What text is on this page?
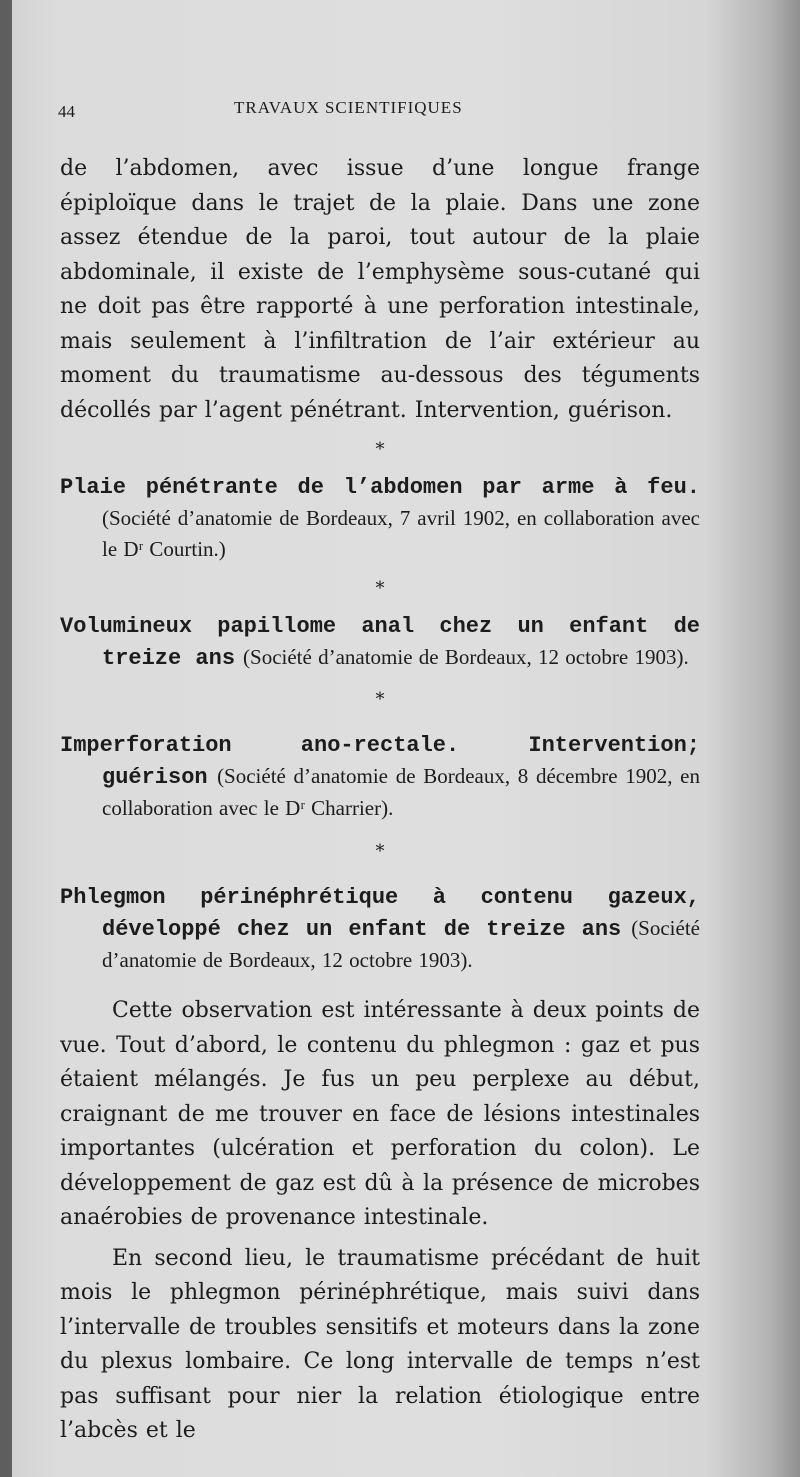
44	TRAVAUX SCIENTIFIQUES

de l’abdomen, avec issue d’une longue frange épiploïque dans le trajet de la plaie. Dans une zone assez étendue de la paroi, tout autour de la plaie abdominale, il existe de l’emphysème sous-cutané qui ne doit pas être rapporté à une perforation intestinale, mais seulement à l’infiltration de l’air extérieur au moment du traumatisme au-dessous des téguments décollés par l’agent pénétrant. Intervention, guérison.

*

Plaie pénétrante de l’abdomen par arme à feu. (Société d’anatomie de Bordeaux, 7 avril 1902, en collaboration avec le Dʳ Courtin.)

*

Volumineux papillome anal chez un enfant de treize ans (Société d’anatomie de Bordeaux, 12 octobre 1903).

*

Imperforation ano-rectale. Intervention; guérison (Société d’anatomie de Bordeaux, 8 décembre 1902, en collaboration avec le Dʳ Charrier).

*

Phlegmon périnéphrétique à contenu gazeux, développé chez un enfant de treize ans (Société d’anatomie de Bordeaux, 12 octobre 1903).

Cette observation est intéressante à deux points de vue. Tout d’abord, le contenu du phlegmon : gaz et pus étaient mélangés. Je fus un peu perplexe au début, craignant de me trouver en face de lésions intestinales importantes (ulcération et perforation du colon). Le développement de gaz est dû à la présence de microbes anaérobies de provenance intestinale.

En second lieu, le traumatisme précédant de huit mois le phlegmon périnéphrétique, mais suivi dans l’intervalle de troubles sensitifs et moteurs dans la zone du plexus lombaire. Ce long intervalle de temps n’est pas suffisant pour nier la relation étiologique entre l’abcès et le
